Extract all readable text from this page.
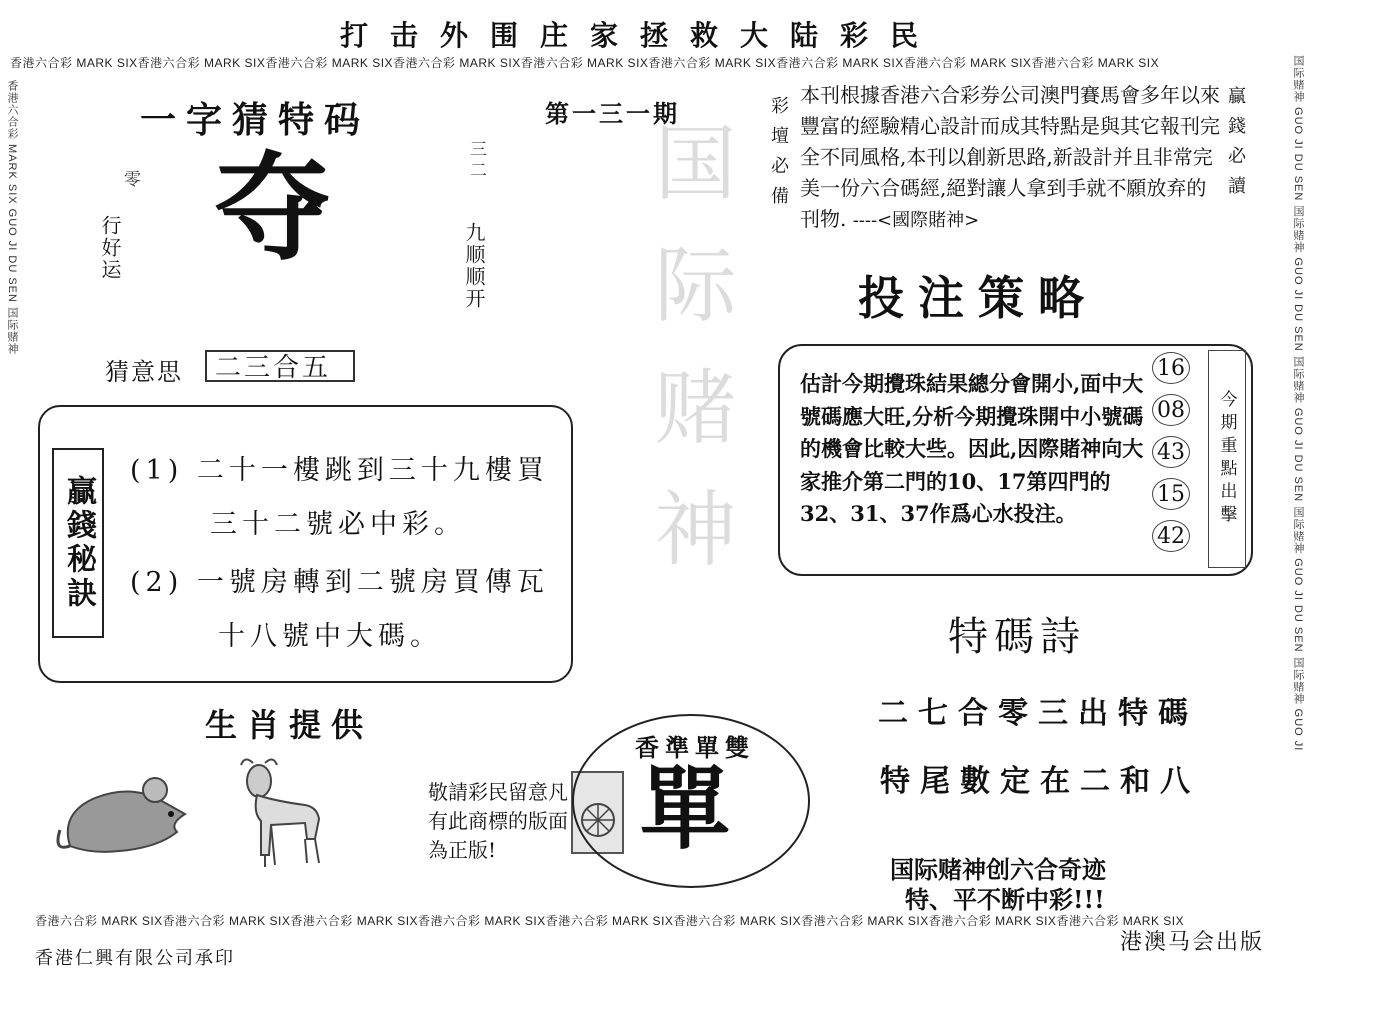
国际赌神
打击外围庄家拯救大陆彩民
香港六合彩 MARK SIX香港六合彩 MARK SIX香港六合彩 MARK SIX香港六合彩 MARK SIX香港六合彩 MARK SIX香港六合彩 MARK SIX香港六合彩 MARK SIX香港六合彩 MARK SIX香港六合彩 MARK SIX
香港六合彩 MARK SIX GUO JI DU SEN 国际赌神	国际赌神 GUO JI DU SEN 国际赌神 GUO JI DU SEN 国际赌神 GUO JI DU SEN 国际赌神 GUO JI DU SEN 国际赌神 GUO JI
一字猜特码	第一三一期
夺
零
行好运
三二
九顺顺开
猜意思	二三合五
彩壇必備	贏錢必讀
本刊根據香港六合彩券公司澳門賽馬會多年以來豐富的經驗精心設計而成其特點是與其它報刊完全不同風格,本刊以創新思路,新設計并且非常完美一份六合碼經,絕對讓人拿到手就不願放弃的刊物. ----<國際賭神>
投注策略
估計今期攪珠結果總分會開小,面中大號碼應大旺,分析今期攪珠開中小號碼的機會比較大些。因此,因際賭神向大家推介第二門的10、17第四門的32、31、37作爲心水投注。
16
08
43
15
42
今期重點出擊
贏錢秘訣
(1) 二十一樓跳到三十九樓買
三十二號必中彩。
(2) 一號房轉到二號房買傳瓦
十八號中大碼。
生肖提供
敬請彩民留意凡有此商標的版面為正版!
香準單雙
單
特碼詩
二七合零三出特碼
特尾數定在二和八
国际赌神创六合奇迹
特、平不断中彩!!!
香港六合彩 MARK SIX香港六合彩 MARK SIX香港六合彩 MARK SIX香港六合彩 MARK SIX香港六合彩 MARK SIX香港六合彩 MARK SIX香港六合彩 MARK SIX香港六合彩 MARK SIX香港六合彩 MARK SIX
港澳马会出版
香港仁興有限公司承印
